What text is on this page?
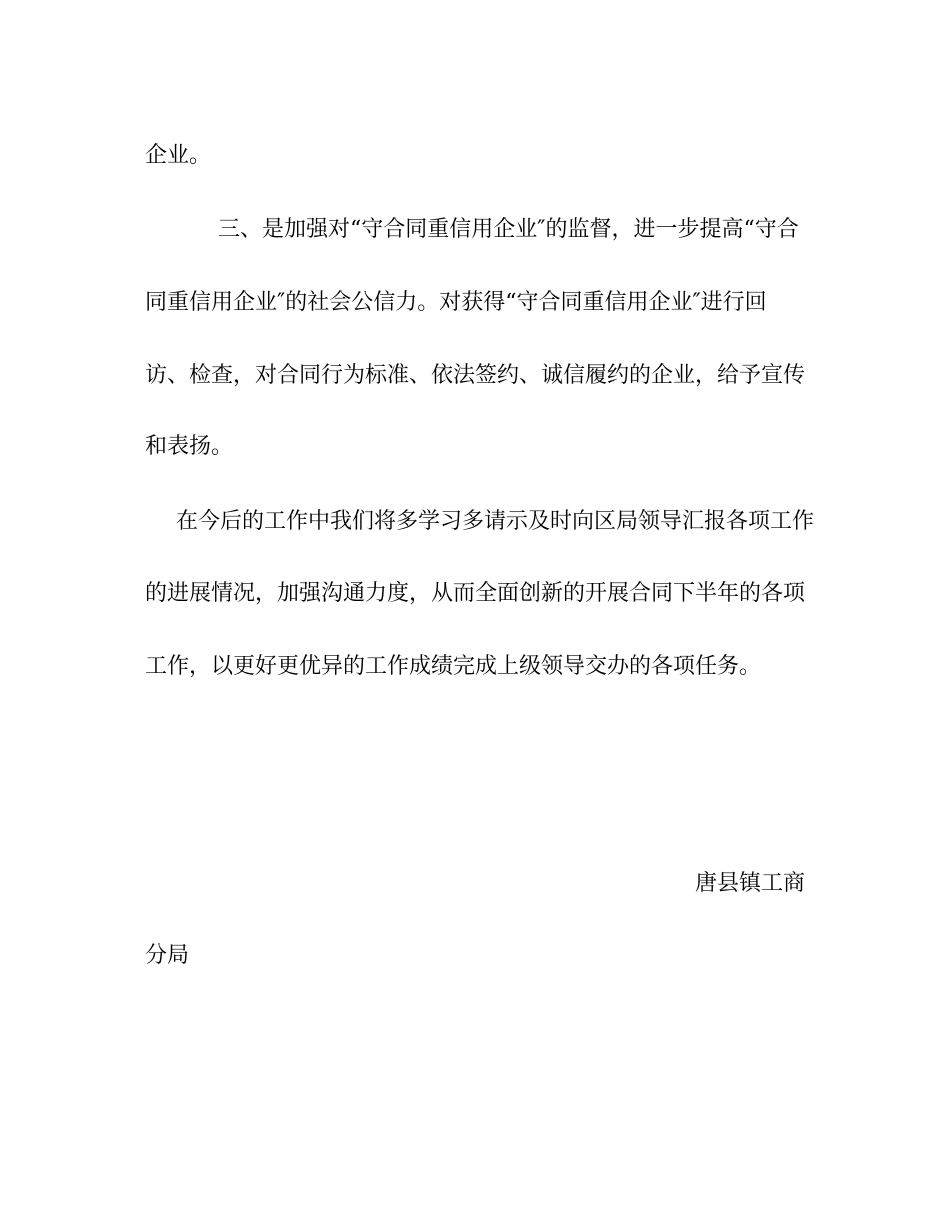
企业。
三、是加强对“守合同重信用企业″的监督，进一步提高“守合
同重信用企业″的社会公信力。对获得“守合同重信用企业″进行回
访、检查，对合同行为标准、依法签约、诚信履约的企业，给予宣传
和表扬。
在今后的工作中我们将多学习多请示及时向区局领导汇报各项工作
的进展情况，加强沟通力度，从而全面创新的开展合同下半年的各项
工作，以更好更优异的工作成绩完成上级领导交办的各项任务。
唐县镇工商
分局
